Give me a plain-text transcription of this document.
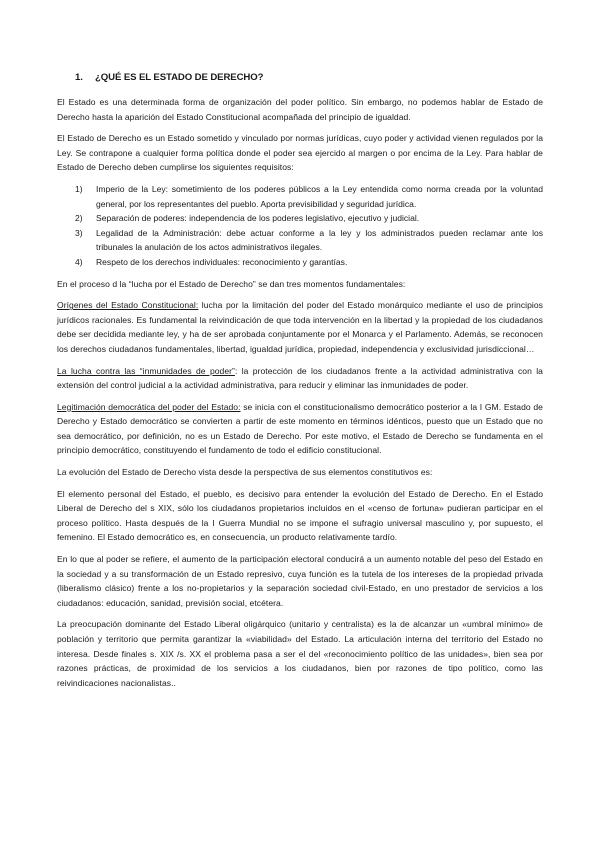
1. ¿QUÉ ES EL ESTADO DE DERECHO?

El Estado es una determinada forma de organización del poder político. Sin embargo, no podemos hablar de Estado de Derecho hasta la aparición del Estado Constitucional acompañada del principio de igualdad.

El Estado de Derecho es un Estado sometido y vinculado por normas jurídicas, cuyo poder y actividad vienen regulados por la Ley. Se contrapone a cualquier forma política donde el poder sea ejercido al margen o por encima de la Ley. Para hablar de Estado de Derecho deben cumplirse los siguientes requisitos:

1)	Imperio de la Ley: sometimiento de los poderes públicos a la Ley entendida como norma creada por la voluntad general, por los representantes del pueblo. Aporta previsibilidad y seguridad jurídica.
2)	Separación de poderes: independencia de los poderes legislativo, ejecutivo y judicial.
3)	Legalidad de la Administración: debe actuar conforme a la ley y los administrados pueden reclamar ante los tribunales la anulación de los actos administrativos ilegales.
4)	Respeto de los derechos individuales: reconocimiento y garantías.

En el proceso d la “lucha por el Estado de Derecho” se dan tres momentos fundamentales:

Orígenes del Estado Constitucional: lucha por la limitación del poder del Estado monárquico mediante el uso de principios jurídicos racionales. Es fundamental la reivindicación de que toda intervención en la libertad y la propiedad de los ciudadanos debe ser decidida mediante ley, y ha de ser aprobada conjuntamente por el Monarca y el Parlamento. Además, se reconocen los derechos ciudadanos fundamentales, libertad, igualdad jurídica, propiedad, independencia y exclusividad jurisdiccional…

La lucha contra las “inmunidades de poder”: la protección de los ciudadanos frente a la actividad administrativa con la extensión del control judicial a la actividad administrativa, para reducir y eliminar las inmunidades de poder.

Legitimación democrática del poder del Estado: se inicia con el constitucionalismo democrático posterior a la I GM. Estado de Derecho y Estado democrático se convierten a partir de este momento en términos idénticos, puesto que un Estado que no sea democrático, por definición, no es un Estado de Derecho. Por este motivo, el Estado de Derecho se fundamenta en el principio democrático, constituyendo el fundamento de todo el edificio constitucional.

La evolución del Estado de Derecho vista desde la perspectiva de sus elementos constitutivos es:

El elemento personal del Estado, el pueblo, es decisivo para entender la evolución del Estado de Derecho. En el Estado Liberal de Derecho del s XIX, sólo los ciudadanos propietarios incluidos en el «censo de fortuna» pudieran participar en el proceso político. Hasta después de la I Guerra Mundial no se impone el sufragio universal masculino y, por supuesto, el femenino. El Estado democrático es, en consecuencia, un producto relativamente tardío.

En lo que al poder se refiere, el aumento de la participación electoral conducirá a un aumento notable del peso del Estado en la sociedad y a su transformación de un Estado represivo, cuya función es la tutela de los intereses de la propiedad privada (liberalismo clásico) frente a los no-propietarios y la separación sociedad civil-Estado, en uno prestador de servicios a los ciudadanos: educación, sanidad, previsión social, etcétera.

La preocupación dominante del Estado Liberal oligárquico (unitario y centralista) es la de alcanzar un «umbral mínimo» de población y territorio que permita garantizar la «viabilidad» del Estado. La articulación interna del territorio del Estado no interesa. Desde finales s. XIX /s. XX el problema pasa a ser el del «reconocimiento político de las unidades», bien sea por razones prácticas, de proximidad de los servicios a los ciudadanos, bien por razones de tipo político, como las reivindicaciones nacionalistas..
